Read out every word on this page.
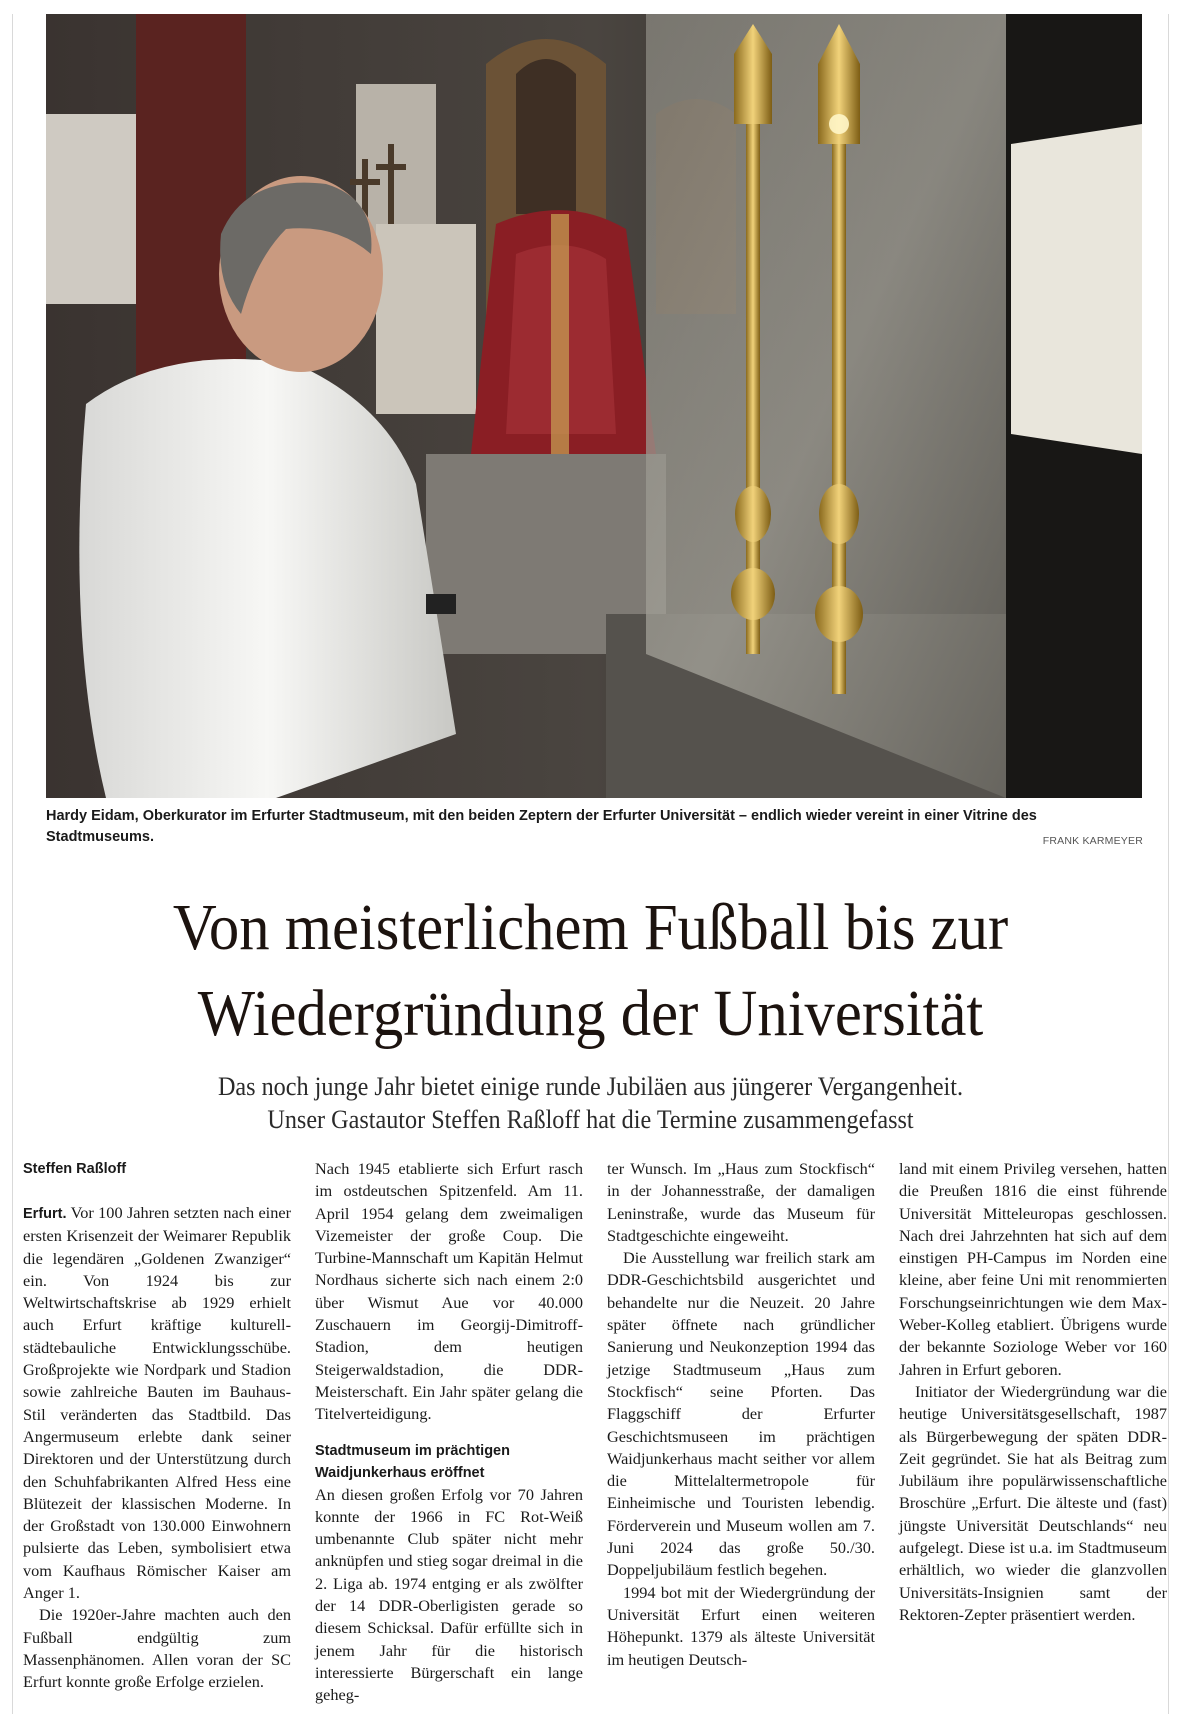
Hardy Eidam, Oberkurator im Erfurter Stadtmuseum, mit den beiden Zeptern der Erfurter Universität – endlich wieder vereint in einer Vitrine des Stadtmuseums.	FRANK KARMEYER
Von meisterlichem Fußball bis zur
Wiedergründung der Universität

Das noch junge Jahr bietet einige runde Jubiläen aus jüngerer Vergangenheit.
Unser Gastautor Steffen Raßloff hat die Termine zusammengefasst

Steffen Raßloff

Erfurt. Vor 100 Jahren setzten nach einer ersten Krisenzeit der Weimarer Republik die legendären „Goldenen Zwanziger“ ein. Von 1924 bis zur Weltwirtschaftskrise ab 1929 erhielt auch Erfurt kräftige kulturell-städtebauliche Entwicklungsschübe. Großprojekte wie Nordpark und Stadion sowie zahlreiche Bauten im Bauhaus-Stil veränderten das Stadtbild. Das Angermuseum erlebte dank seiner Direktoren und der Unterstützung durch den Schuhfabrikanten Alfred Hess eine Blütezeit der klassischen Moderne. In der Großstadt von 130.000 Einwohnern pulsierte das Leben, symbolisiert etwa vom Kaufhaus Römischer Kaiser am Anger 1.

Die 1920er-Jahre machten auch den Fußball endgültig zum Massenphänomen. Allen voran der SC Erfurt konnte große Erfolge erzielen.

Nach 1945 etablierte sich Erfurt rasch im ostdeutschen Spitzenfeld. Am 11. April 1954 gelang dem zweimaligen Vizemeister der große Coup. Die Turbine-Mannschaft um Kapitän Helmut Nordhaus sicherte sich nach einem 2:0 über Wismut Aue vor 40.000 Zuschauern im Georgij-Dimitroff-Stadion, dem heutigen Steigerwaldstadion, die DDR-Meisterschaft. Ein Jahr später gelang die Titelverteidigung.

Stadtmuseum im prächtigen Waidjunkerhaus eröffnet

An diesen großen Erfolg vor 70 Jahren konnte der 1966 in FC Rot-Weiß umbenannte Club später nicht mehr anknüpfen und stieg sogar dreimal in die 2. Liga ab. 1974 entging er als zwölfter der 14 DDR-Oberligisten gerade so diesem Schicksal. Dafür erfüllte sich in jenem Jahr für die historisch interessierte Bürgerschaft ein lange geheg-

ter Wunsch. Im „Haus zum Stockfisch“ in der Johannesstraße, der damaligen Leninstraße, wurde das Museum für Stadtgeschichte eingeweiht.

Die Ausstellung war freilich stark am DDR-Geschichtsbild ausgerichtet und behandelte nur die Neuzeit. 20 Jahre später öffnete nach gründlicher Sanierung und Neukonzeption 1994 das jetzige Stadtmuseum „Haus zum Stockfisch“ seine Pforten. Das Flaggschiff der Erfurter Geschichtsmuseen im prächtigen Waidjunkerhaus macht seither vor allem die Mittelaltermetropole für Einheimische und Touristen lebendig. Förderverein und Museum wollen am 7. Juni 2024 das große 50./30. Doppeljubiläum festlich begehen.

1994 bot mit der Wiedergründung der Universität Erfurt einen weiteren Höhepunkt. 1379 als älteste Universität im heutigen Deutsch-

land mit einem Privileg versehen, hatten die Preußen 1816 die einst führende Universität Mitteleuropas geschlossen. Nach drei Jahrzehnten hat sich auf dem einstigen PH-Campus im Norden eine kleine, aber feine Uni mit renommierten Forschungseinrichtungen wie dem Max-Weber-Kolleg etabliert. Übrigens wurde der bekannte Soziologe Weber vor 160 Jahren in Erfurt geboren.

Initiator der Wiedergründung war die heutige Universitätsgesellschaft, 1987 als Bürgerbewegung der späten DDR-Zeit gegründet. Sie hat als Beitrag zum Jubiläum ihre populärwissenschaftliche Broschüre „Erfurt. Die älteste und (fast) jüngste Universität Deutschlands“ neu aufgelegt. Diese ist u.a. im Stadtmuseum erhältlich, wo wieder die glanzvollen Universitäts-Insignien samt der Rektoren-Zepter präsentiert werden.
